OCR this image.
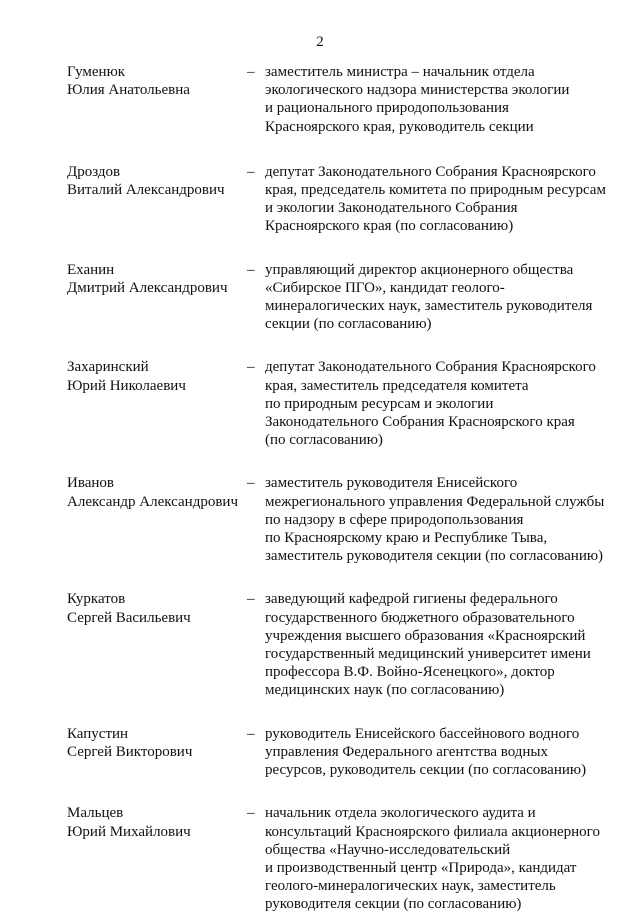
2
Гуменюк
Юлия Анатольевна
– заместитель министра – начальник отдела
экологического надзора министерства экологии
и рационального природопользования
Красноярского края, руководитель секции
Дроздов
Виталий Александрович
– депутат Законодательного Собрания Красноярского
края, председатель комитета по природным ресурсам
и экологии Законодательного Собрания
Красноярского края (по согласованию)
Еханин
Дмитрий Александрович
– управляющий директор акционерного общества
«Сибирское ПГО», кандидат геолого-
минералогических наук, заместитель руководителя
секции (по согласованию)
Захаринский
Юрий Николаевич
– депутат Законодательного Собрания Красноярского
края, заместитель председателя комитета
по природным ресурсам и экологии
Законодательного Собрания Красноярского края
(по согласованию)
Иванов
Александр Александрович
– заместитель руководителя Енисейского
межрегионального управления Федеральной службы
по надзору в сфере природопользования
по Красноярскому краю и Республике Тыва,
заместитель руководителя секции (по согласованию)
Куркатов
Сергей Васильевич
– заведующий кафедрой гигиены федерального
государственного бюджетного образовательного
учреждения высшего образования «Красноярский
государственный медицинский университет имени
профессора В.Ф. Войно-Ясенецкого», доктор
медицинских наук (по согласованию)
Капустин
Сергей Викторович
– руководитель Енисейского бассейнового водного
управления Федерального агентства водных
ресурсов, руководитель секции (по согласованию)
Мальцев
Юрий Михайлович
– начальник отдела экологического аудита и
консультаций Красноярского филиала акционерного
общества «Научно-исследовательский
и производственный центр «Природа», кандидат
геолого-минералогических наук, заместитель
руководителя секции (по согласованию)
